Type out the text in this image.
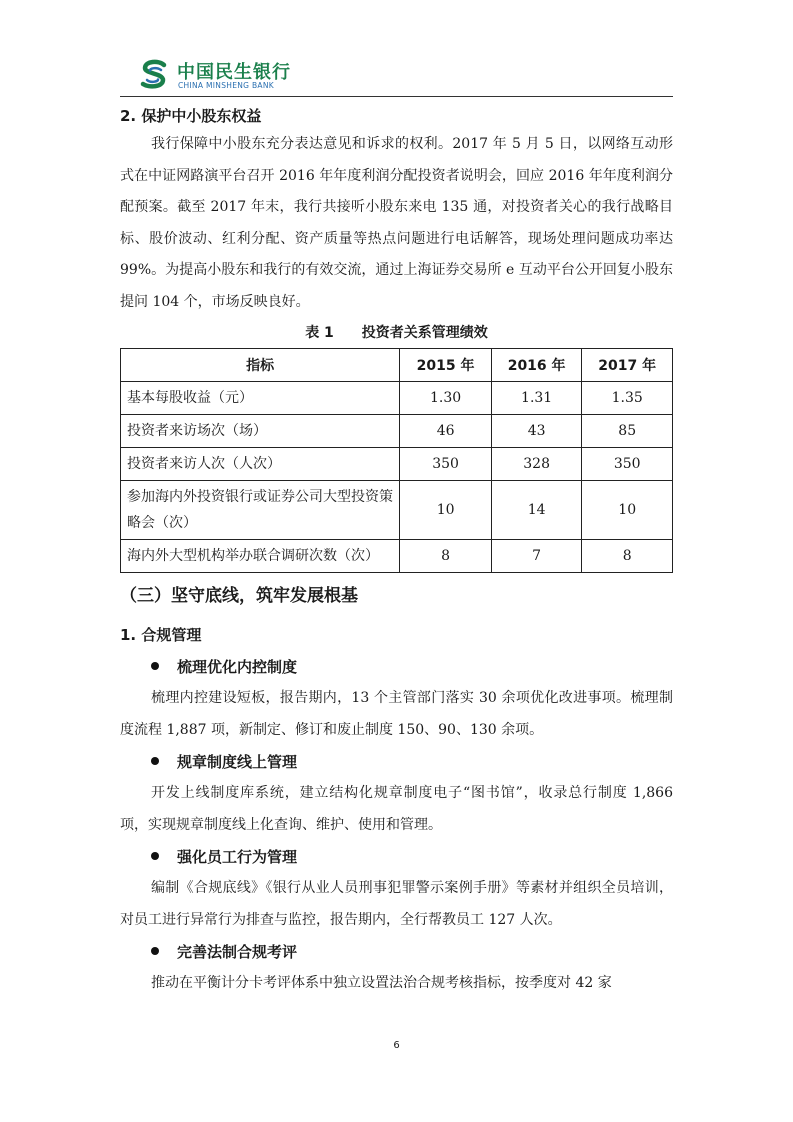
中国民生银行
CHINA MINSHENG BANK
2. 保护中小股东权益

我行保障中小股东充分表达意见和诉求的权利。2017 年 5 月 5 日，以网络互动形式在中证网路演平台召开 2016 年年度利润分配投资者说明会，回应 2016 年年度利润分配预案。截至 2017 年末，我行共接听小股东来电 135 通，对投资者关心的我行战略目标、股价波动、红利分配、资产质量等热点问题进行电话解答，现场处理问题成功率达 99%。为提高小股东和我行的有效交流，通过上海证券交易所 e 互动平台公开回复小股东提问 104 个，市场反映良好。

表 1　　投资者关系管理绩效
指标	2015 年	2016 年	2017 年
基本每股收益（元）	1.30	1.31	1.35
投资者来访场次（场）	46	43	85
投资者来访人次（人次）	350	328	350
参加海内外投资银行或证券公司大型投资策略会（次）	10	14	10
海内外大型机构举办联合调研次数（次）	8	7	8
（三）坚守底线，筑牢发展根基
1. 合规管理
梳理优化内控制度

梳理内控建设短板，报告期内，13 个主管部门落实 30 余项优化改进事项。梳理制度流程 1,887 项，新制定、修订和废止制度 150、90、130 余项。

规章制度线上管理

开发上线制度库系统，建立结构化规章制度电子“图书馆”，收录总行制度 1,866 项，实现规章制度线上化查询、维护、使用和管理。

强化员工行为管理

编制《合规底线》《银行从业人员刑事犯罪警示案例手册》等素材并组织全员培训，对员工进行异常行为排查与监控，报告期内，全行帮教员工 127 人次。

完善法制合规考评

推动在平衡计分卡考评体系中独立设置法治合规考核指标，按季度对 42 家

6
